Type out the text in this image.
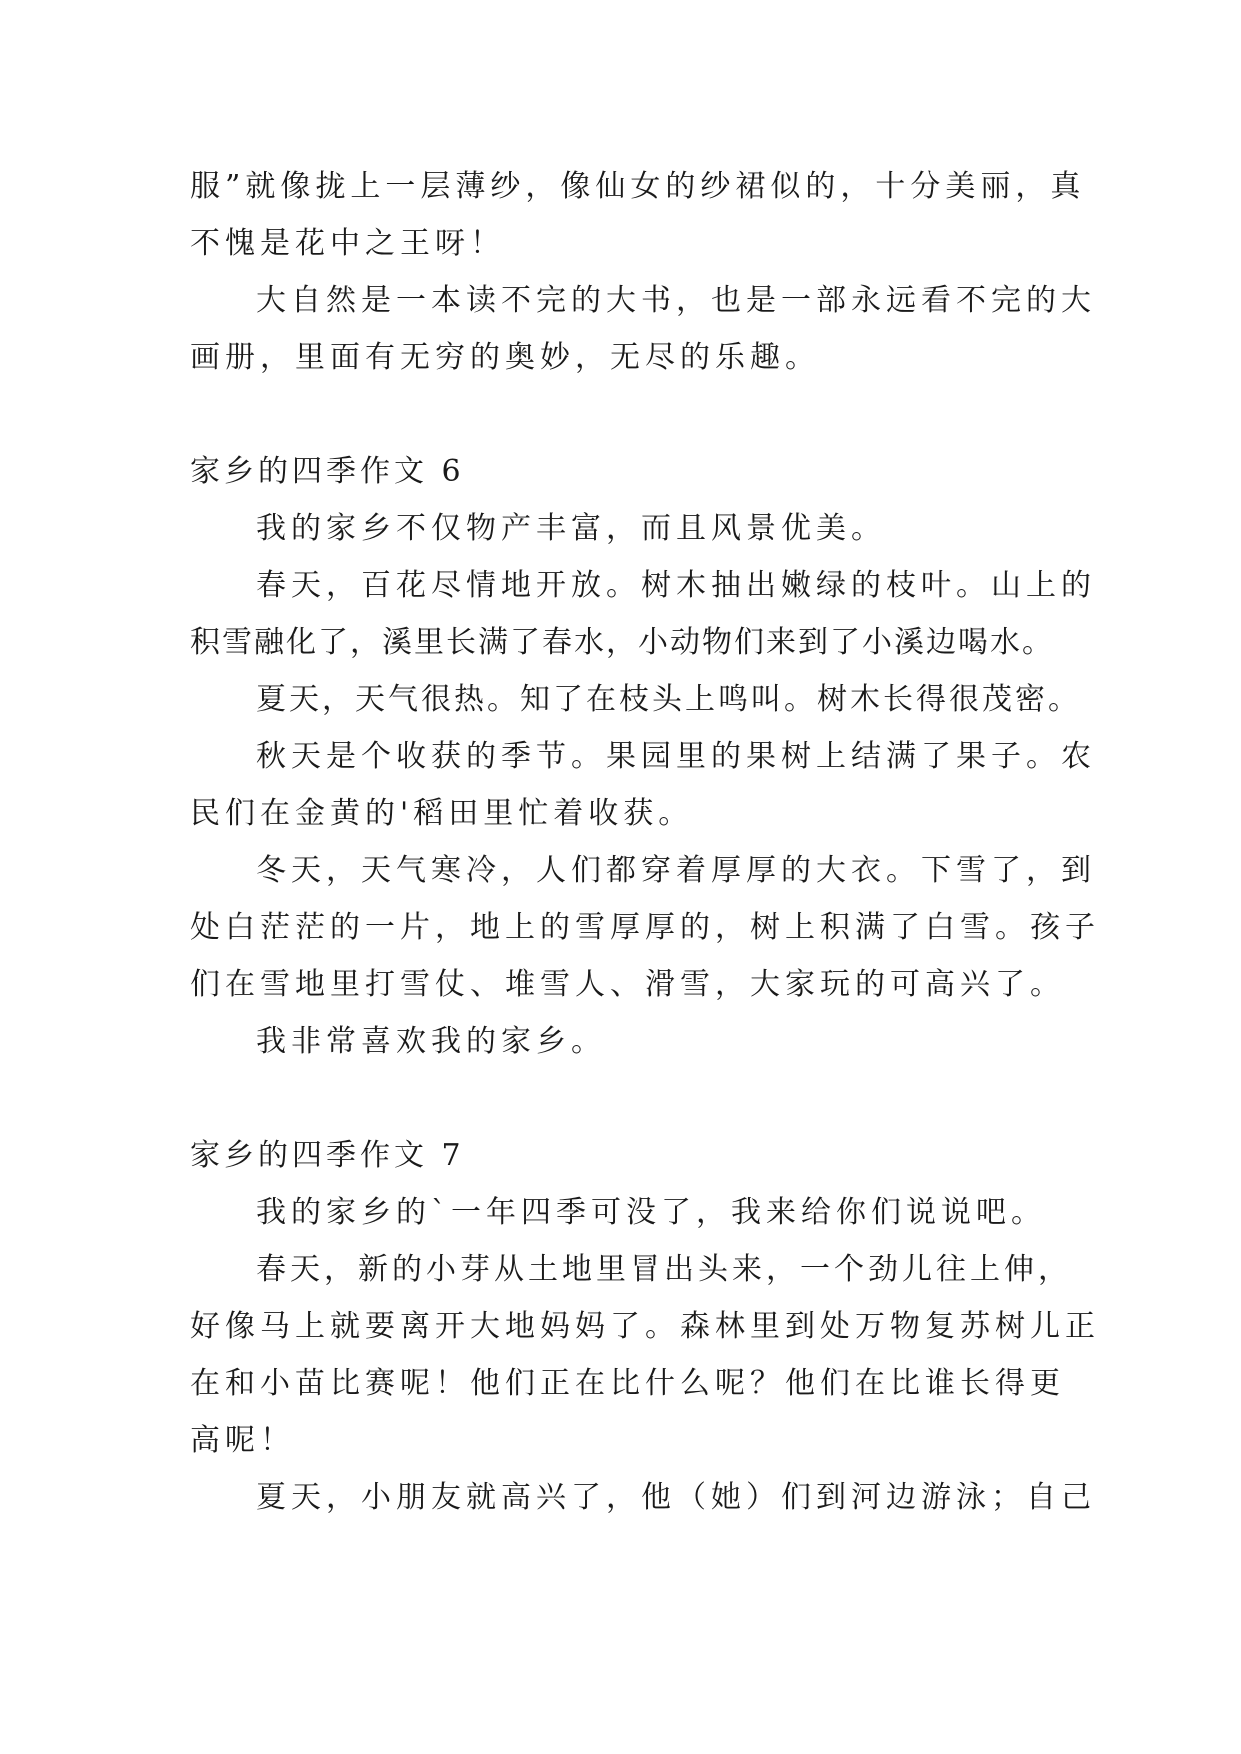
服”就像拢上一层薄纱，像仙女的纱裙似的，十分美丽，真
不愧是花中之王呀！
大自然是一本读不完的大书，也是一部永远看不完的大
画册，里面有无穷的奥妙，无尽的乐趣。
家乡的四季作文 6
我的家乡不仅物产丰富，而且风景优美。
春天，百花尽情地开放。树木抽出嫩绿的枝叶。山上的
积雪融化了，溪里长满了春水，小动物们来到了小溪边喝水。
夏天，天气很热。知了在枝头上鸣叫。树木长得很茂密。
秋天是个收获的季节。果园里的果树上结满了果子。农
民们在金黄的'稻田里忙着收获。
冬天，天气寒冷，人们都穿着厚厚的大衣。下雪了，到
处白茫茫的一片，地上的雪厚厚的，树上积满了白雪。孩子
们在雪地里打雪仗、堆雪人、滑雪，大家玩的可高兴了。
我非常喜欢我的家乡。
家乡的四季作文 7
我的家乡的`一年四季可没了，我来给你们说说吧。
春天，新的小芽从土地里冒出头来，一个劲儿往上伸，
好像马上就要离开大地妈妈了。森林里到处万物复苏树儿正
在和小苗比赛呢！他们正在比什么呢？他们在比谁长得更
高呢！
夏天，小朋友就高兴了，他（她）们到河边游泳；自己
